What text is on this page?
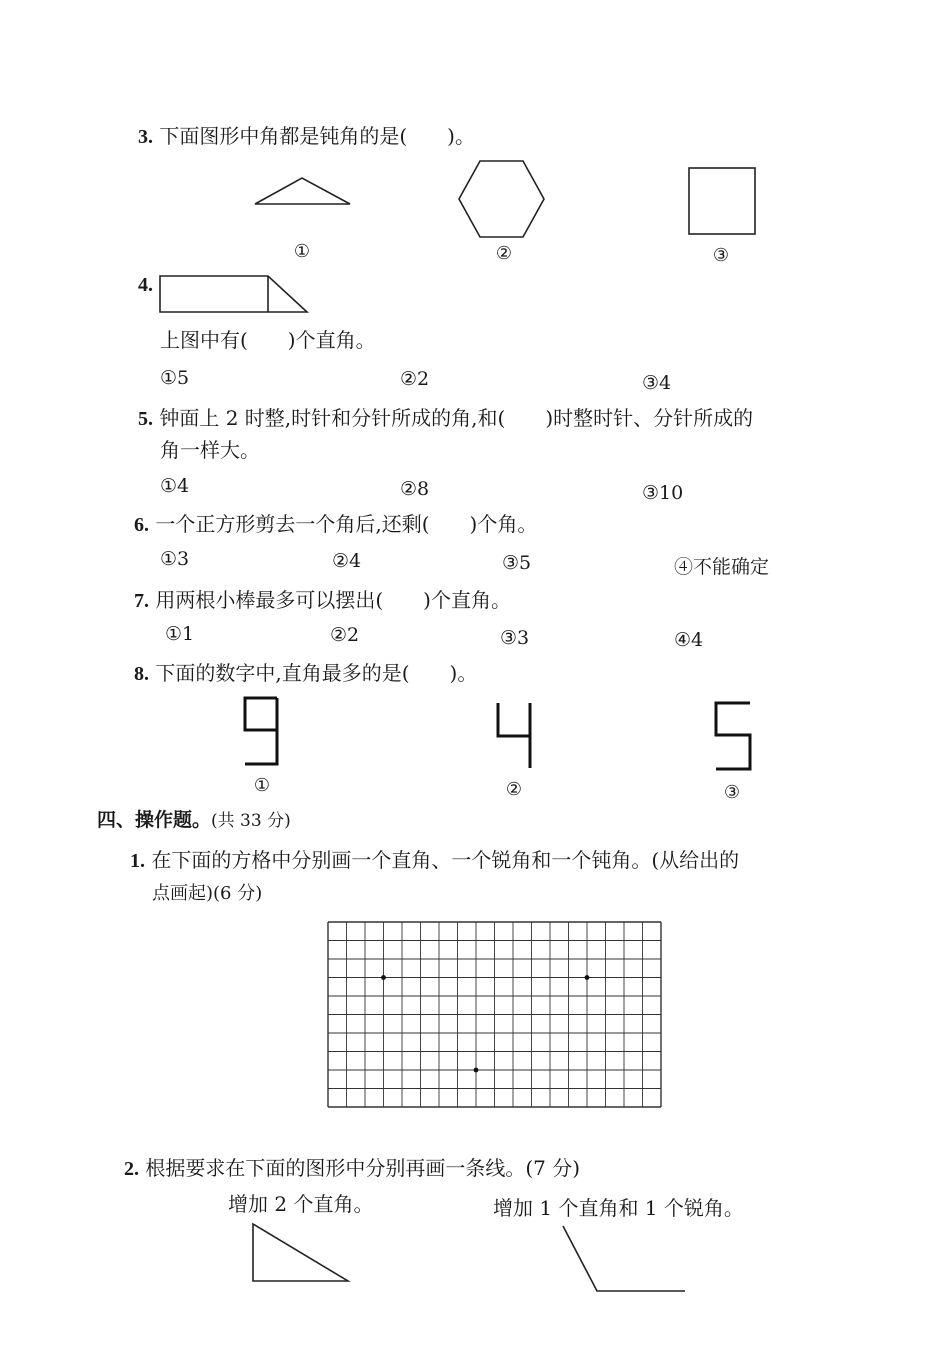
3. 下面图形中角都是钝角的是(　　)。
①	②	③
4.
上图中有(　　)个直角。
①5	②2	③4
5. 钟面上 2 时整,时针和分针所成的角,和(　　)时整时针、分针所成的
角一样大。
①4	②8	③10
6. 一个正方形剪去一个角后,还剩(　　)个角。
①3	②4	③5	④不能确定
7. 用两根小棒最多可以摆出(　　)个直角。
①1	②2	③3	④4
8. 下面的数字中,直角最多的是(　　)。
①	②	③
四、操作题。(共 33 分)
1. 在下面的方格中分别画一个直角、一个锐角和一个钝角。(从给出的
点画起)(6 分)
2. 根据要求在下面的图形中分别再画一条线。(7 分)
增加 2 个直角。	增加 1 个直角和 1 个锐角。
